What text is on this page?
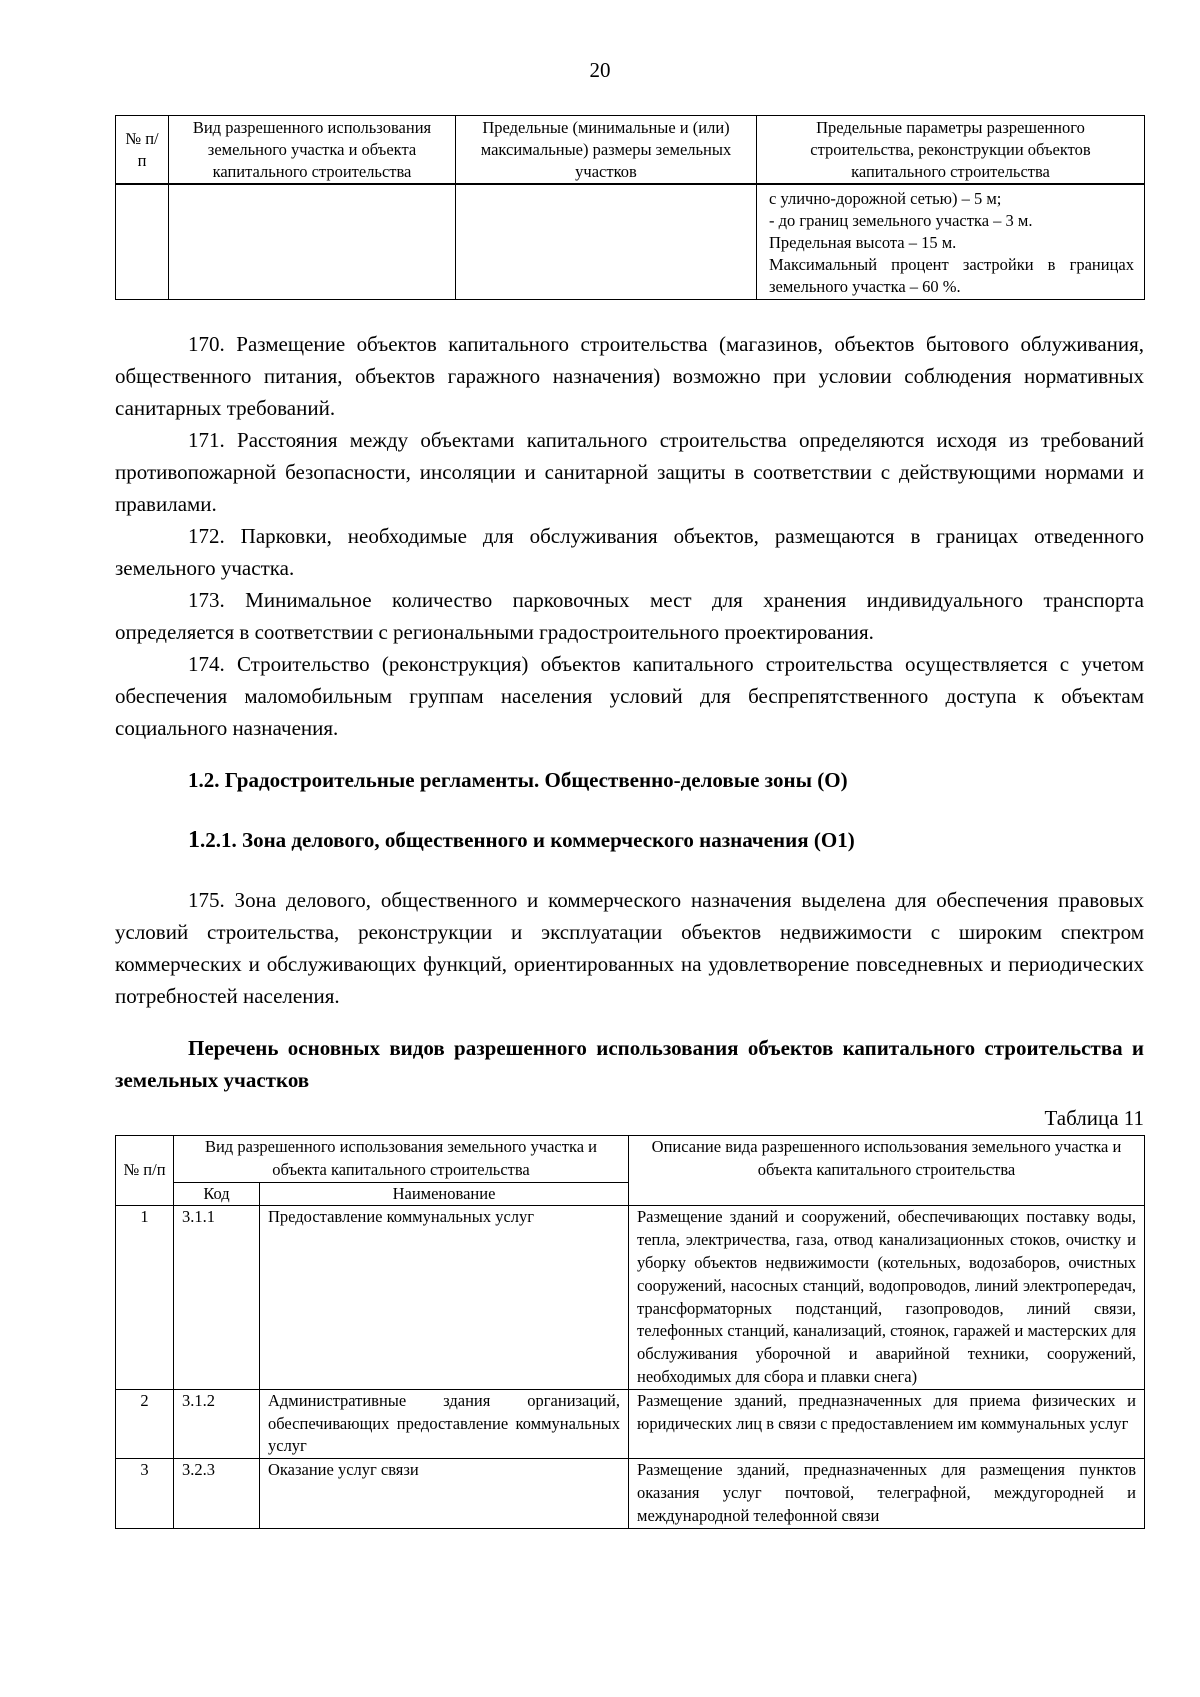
20
№ п/п	Вид разрешенного использования земельного участка и объекта капитального строительства	Предельные (минимальные и (или) максимальные) размеры земельных участков	Предельные параметры разрешенного строительства, реконструкции объектов капитального строительства

			с улично-дорожной сетью) – 5 м;
- до границ земельного участка – 3 м.
Предельная высота – 15 м.
Максимальный процент застройки в границах земельного участка – 60 %.

170. Размещение объектов капитального строительства (магазинов, объектов бытового облуживания, общественного питания, объектов гаражного назначения) возможно при условии соблюдения нормативных санитарных требований.

171. Расстояния между объектами капитального строительства определяются исходя из требований противопожарной безопасности, инсоляции и санитарной защиты в соответствии с действующими нормами и правилами.

172. Парковки, необходимые для обслуживания объектов, размещаются в границах отведенного земельного участка.

173. Минимальное количество парковочных мест для хранения индивидуального транспорта определяется в соответствии с региональными градостроительного проектирования.

174. Строительство (реконструкция) объектов капитального строительства осуществляется с учетом обеспечения маломобильным группам населения условий для беспрепятственного доступа к объектам социального назначения.

1.2. Градостроительные регламенты. Общественно-деловые зоны (О)

1.2.1. Зона делового, общественного и коммерческого назначения (О1)

175. Зона делового, общественного и коммерческого назначения выделена для обеспечения правовых условий строительства, реконструкции и эксплуатации объектов недвижимости с широким спектром коммерческих и обслуживающих функций, ориентированных на удовлетворение повседневных и периодических потребностей населения.

Перечень основных видов разрешенного использования объектов капитального строительства и земельных участков

Таблица 11
№ п/п	Вид разрешенного использования земельного участка и объекта капитального строительства		Описание вида разрешенного использования земельного участка и объекта капитального строительства
	Код	Наименование	
1	3.1.1	Предоставление коммунальных услуг	Размещение зданий и сооружений, обеспечивающих поставку воды, тепла, электричества, газа, отвод канализационных стоков, очистку и уборку объектов недвижимости (котельных, водозаборов, очистных сооружений, насосных станций, водопроводов, линий электропередач, трансформаторных подстанций, газопроводов, линий связи, телефонных станций, канализаций, стоянок, гаражей и мастерских для обслуживания уборочной и аварийной техники, сооружений, необходимых для сбора и плавки снега)
2	3.1.2	Административные здания организаций, обеспечивающих предоставление коммунальных услуг	Размещение зданий, предназначенных для приема физических и юридических лиц в связи с предоставлением им коммунальных услуг
3	3.2.3	Оказание услуг связи	Размещение зданий, предназначенных для размещения пунктов оказания услуг почтовой, телеграфной, междугородней и международной телефонной связи
